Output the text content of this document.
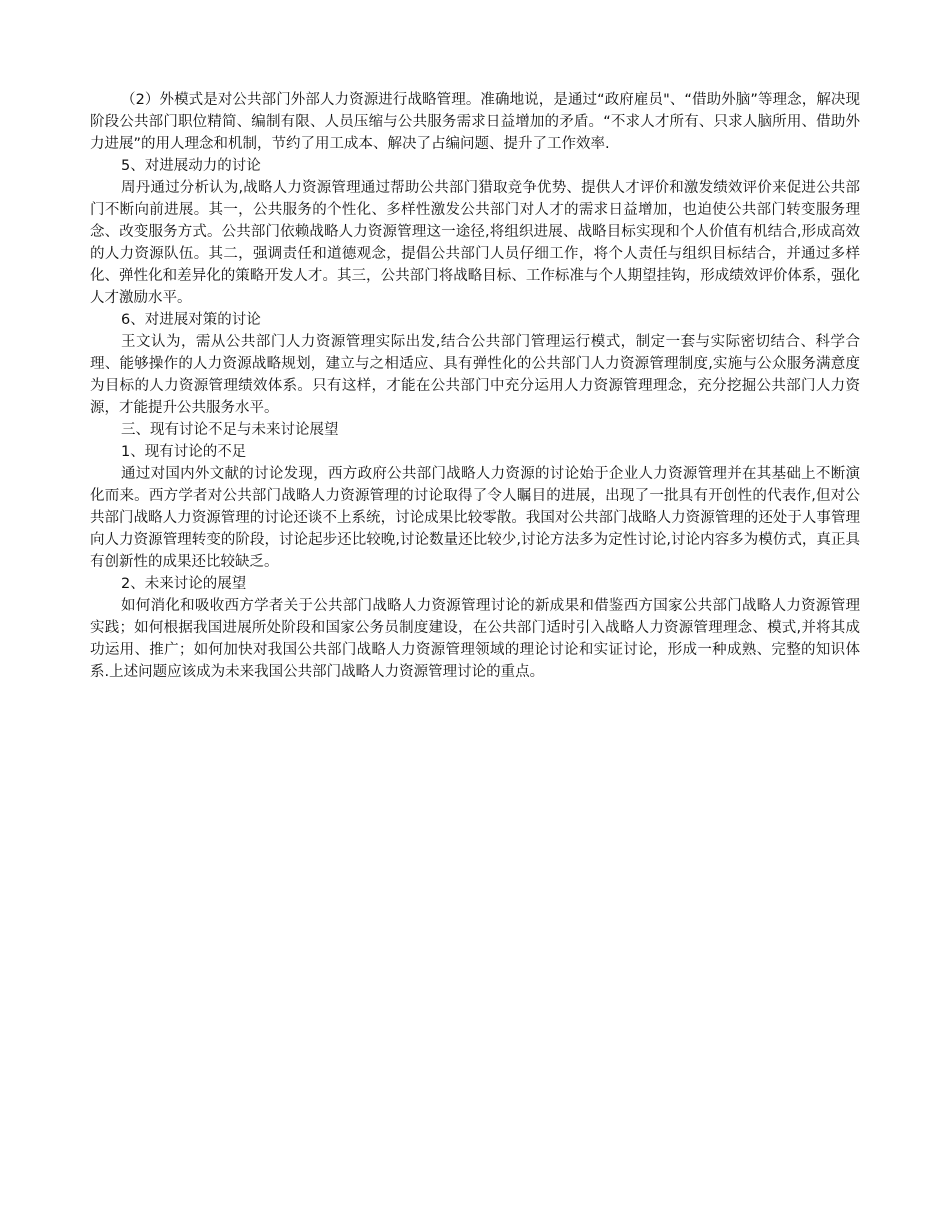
（2）外模式是对公共部门外部人力资源进行战略管理。准确地说，是通过“政府雇员"、“借助外脑”等理念，解决现阶段公共部门职位精简、编制有限、人员压缩与公共服务需求日益增加的矛盾。“不求人才所有、只求人脑所用、借助外力进展”的用人理念和机制，节约了用工成本、解决了占编问题、提升了工作效率.

5、对进展动力的讨论

周丹通过分析认为,战略人力资源管理通过帮助公共部门猎取竞争优势、提供人才评价和激发绩效评价来促进公共部门不断向前进展。其一，公共服务的个性化、多样性激发公共部门对人才的需求日益增加，也迫使公共部门转变服务理念、改变服务方式。公共部门依赖战略人力资源管理这一途径,将组织进展、战略目标实现和个人价值有机结合,形成高效的人力资源队伍。其二，强调责任和道德观念，提倡公共部门人员仔细工作，将个人责任与组织目标结合，并通过多样化、弹性化和差异化的策略开发人才。其三，公共部门将战略目标、工作标准与个人期望挂钩，形成绩效评价体系，强化人才激励水平。

6、对进展对策的讨论

王文认为，需从公共部门人力资源管理实际出发,结合公共部门管理运行模式，制定一套与实际密切结合、科学合理、能够操作的人力资源战略规划，建立与之相适应、具有弹性化的公共部门人力资源管理制度,实施与公众服务满意度为目标的人力资源管理绩效体系。只有这样，才能在公共部门中充分运用人力资源管理理念，充分挖掘公共部门人力资源，才能提升公共服务水平。

三、现有讨论不足与未来讨论展望

1、现有讨论的不足

通过对国内外文献的讨论发现，西方政府公共部门战略人力资源的讨论始于企业人力资源管理并在其基础上不断演化而来。西方学者对公共部门战略人力资源管理的讨论取得了令人瞩目的进展，出现了一批具有开创性的代表作,但对公共部门战略人力资源管理的讨论还谈不上系统，讨论成果比较零散。我国对公共部门战略人力资源管理的还处于人事管理向人力资源管理转变的阶段，讨论起步还比较晚,讨论数量还比较少,讨论方法多为定性讨论,讨论内容多为模仿式，真正具有创新性的成果还比较缺乏。

2、未来讨论的展望

如何消化和吸收西方学者关于公共部门战略人力资源管理讨论的新成果和借鉴西方国家公共部门战略人力资源管理实践；如何根据我国进展所处阶段和国家公务员制度建设，在公共部门适时引入战略人力资源管理理念、模式,并将其成功运用、推广；如何加快对我国公共部门战略人力资源管理领域的理论讨论和实证讨论，形成一种成熟、完整的知识体系.上述问题应该成为未来我国公共部门战略人力资源管理讨论的重点。
